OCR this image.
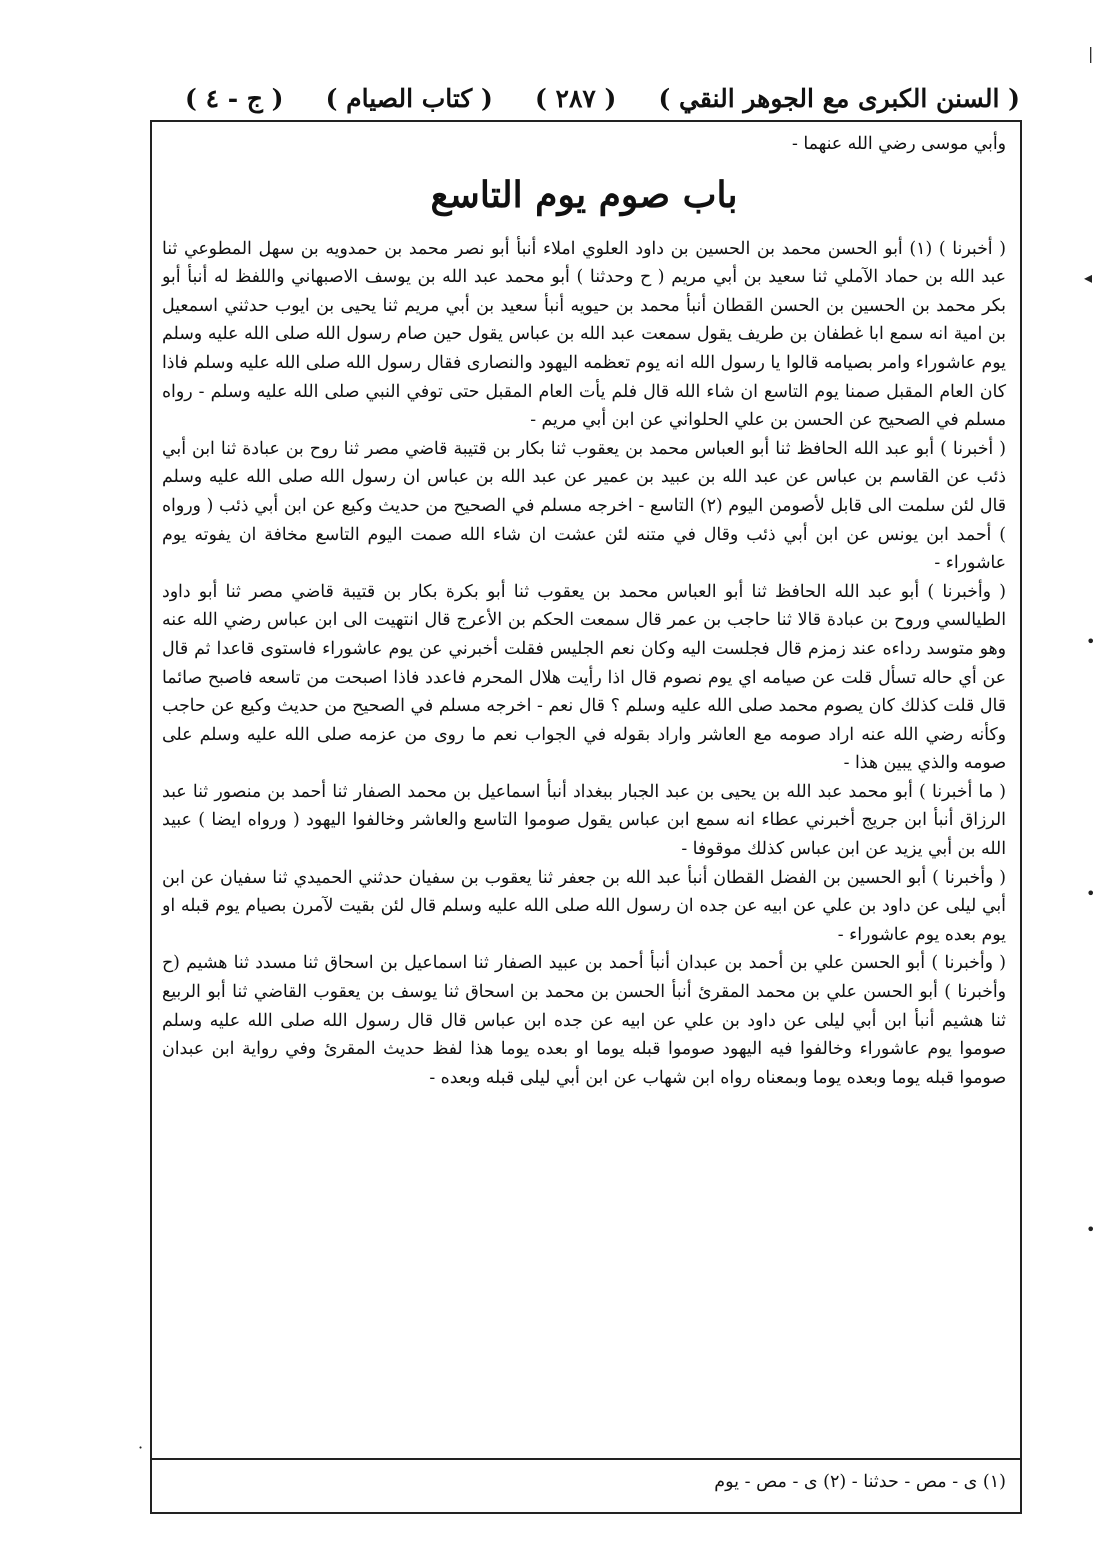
( السنن الكبرى مع الجوهر النقي )
( ٢٨٧ )
( كتاب الصيام )
( ج - ٤ )
|
◂
•
•
•
·

وأبي موسى رضي الله عنهما -

باب صوم يوم التاسع

( أخبرنا ) (١) أبو الحسن محمد بن الحسين بن داود العلوي املاء أنبأ أبو نصر محمد بن حمدويه بن سهل المطوعي ثنا عبد الله بن حماد الآملي ثنا سعيد بن أبي مريم ( ح وحدثنا ) أبو محمد عبد الله بن يوسف الاصبهاني واللفظ له أنبأ أبو بكر محمد بن الحسين بن الحسن القطان أنبأ محمد بن حيويه أنبأ سعيد بن أبي مريم ثنا يحيى بن ايوب حدثني اسمعيل بن امية انه سمع ابا غطفان بن طريف يقول سمعت عبد الله بن عباس يقول حين صام رسول الله صلى الله عليه وسلم يوم عاشوراء وامر بصيامه قالوا يا رسول الله انه يوم تعظمه اليهود والنصارى فقال رسول الله صلى الله عليه وسلم فاذا كان العام المقبل صمنا يوم التاسع ان شاء الله قال فلم يأت العام المقبل حتى توفي النبي صلى الله عليه وسلم - رواه مسلم في الصحيح عن الحسن بن علي الحلواني عن ابن أبي مريم -

( أخبرنا ) أبو عبد الله الحافظ ثنا أبو العباس محمد بن يعقوب ثنا بكار بن قتيبة قاضي مصر ثنا روح بن عبادة ثنا ابن أبي ذئب عن القاسم بن عباس عن عبد الله بن عبيد بن عمير عن عبد الله بن عباس ان رسول الله صلى الله عليه وسلم قال لئن سلمت الى قابل لأصومن اليوم (٢) التاسع - اخرجه مسلم في الصحيح من حديث وكيع عن ابن أبي ذئب ( ورواه ) أحمد ابن يونس عن ابن أبي ذئب وقال في متنه لئن عشت ان شاء الله صمت اليوم التاسع مخافة ان يفوته يوم عاشوراء -

( وأخبرنا ) أبو عبد الله الحافظ ثنا أبو العباس محمد بن يعقوب ثنا أبو بكرة بكار بن قتيبة قاضي مصر ثنا أبو داود الطيالسي وروح بن عبادة قالا ثنا حاجب بن عمر قال سمعت الحكم بن الأعرج قال انتهيت الى ابن عباس رضي الله عنه وهو متوسد رداءه عند زمزم قال فجلست اليه وكان نعم الجليس فقلت أخبرني عن يوم عاشوراء فاستوى قاعدا ثم قال عن أي حاله تسأل قلت عن صيامه اي يوم نصوم قال اذا رأيت هلال المحرم فاعدد فاذا اصبحت من تاسعه فاصبح صائما قال قلت كذلك كان يصوم محمد صلى الله عليه وسلم ؟ قال نعم - اخرجه مسلم في الصحيح من حديث وكيع عن حاجب وكأنه رضي الله عنه اراد صومه مع العاشر واراد بقوله في الجواب نعم ما روى من عزمه صلى الله عليه وسلم على صومه والذي يبين هذا -

( ما أخبرنا ) أبو محمد عبد الله بن يحيى بن عبد الجبار ببغداد أنبأ اسماعيل بن محمد الصفار ثنا أحمد بن منصور ثنا عبد الرزاق أنبأ ابن جريج أخبرني عطاء انه سمع ابن عباس يقول صوموا التاسع والعاشر وخالفوا اليهود ( ورواه ايضا ) عبيد الله بن أبي يزيد عن ابن عباس كذلك موقوفا -

( وأخبرنا ) أبو الحسين بن الفضل القطان أنبأ عبد الله بن جعفر ثنا يعقوب بن سفيان حدثني الحميدي ثنا سفيان عن ابن أبي ليلى عن داود بن علي عن ابيه عن جده ان رسول الله صلى الله عليه وسلم قال لئن بقيت لآمرن بصيام يوم قبله او يوم بعده يوم عاشوراء -

( وأخبرنا ) أبو الحسن علي بن أحمد بن عبدان أنبأ أحمد بن عبيد الصفار ثنا اسماعيل بن اسحاق ثنا مسدد ثنا هشيم (ح وأخبرنا ) أبو الحسن علي بن محمد المقرئ أنبأ الحسن بن محمد بن اسحاق ثنا يوسف بن يعقوب القاضي ثنا أبو الربيع ثنا هشيم أنبأ ابن أبي ليلى عن داود بن علي عن ابيه عن جده ابن عباس قال قال رسول الله صلى الله عليه وسلم صوموا يوم عاشوراء وخالفوا فيه اليهود صوموا قبله يوما او بعده يوما هذا لفظ حديث المقرئ وفي رواية ابن عبدان صوموا قبله يوما وبعده يوما وبمعناه رواه ابن شهاب عن ابن أبي ليلى قبله وبعده -

(١) ى - مص - حدثنا - (٢) ى - مص - يوم
